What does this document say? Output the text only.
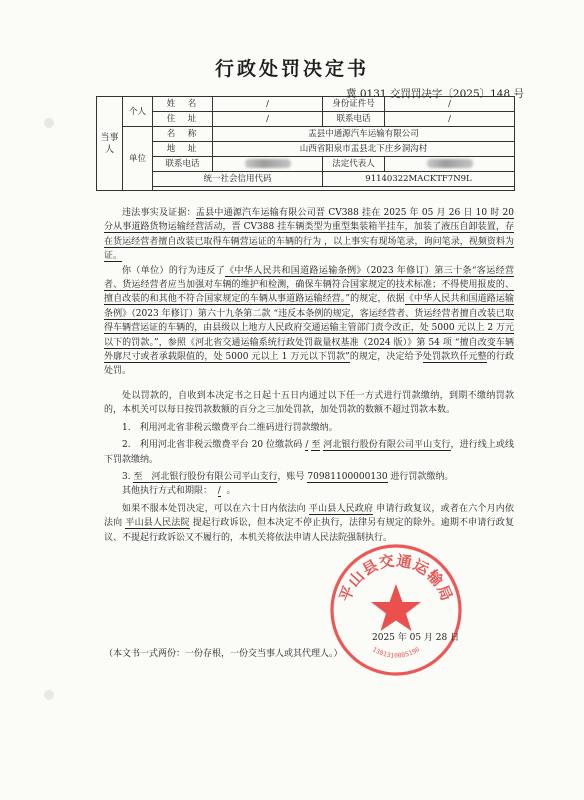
行政处罚决定书
冀 0131 交罚罚决字〔2025〕148 号
当事人	个人	姓　名	/	身份证件号	/
		住　址	/	联系电话	/
	单位	名　称	盂县中通源汽车运输有限公司		
		地　址	山西省阳泉市盂县北下庄乡洞沟村		
		联系电话		法定代表人	
		统一社会信用代码		91140322MACKTF7N9L	

违法事实及证据：盂县中通源汽车运输有限公司晋 CV388 挂在 2025 年 05 月 26 日 10 时 20 分从事道路货物运输经营活动，晋 CV388 挂车辆类型为重型集装箱半挂车，加装了液压自卸装置，存在货运经营者擅自改装已取得车辆营运证的车辆的行为 ，以上事实有现场笔录，询问笔录，视频资料为证。

你（单位）的行为违反了《中华人民共和国道路运输条例》（2023 年修订）第三十条“客运经营者、货运经营者应当加强对车辆的维护和检测，确保车辆符合国家规定的技术标准；不得使用报废的、擅自改装的和其他不符合国家规定的车辆从事道路运输经营。”的规定，依据《中华人民共和国道路运输条例》（2023 年修订）第六十九条第二款 “违反本条例的规定，客运经营者、货运经营者擅自改装已取得车辆营运证的车辆的，由县级以上地方人民政府交通运输主管部门责令改正，处 5000 元以上 2 万元以下的罚款。”，参照《河北省交通运输系统行政处罚裁量权基准（2024 版）》第 54 项 “擅自改变车辆外廓尺寸或者承载限值的，处 5000 元以上 1 万元以下罚款”的规定，决定给予处罚款玖仟元整的行政处罚。

处以罚款的，自收到本决定书之日起十五日内通过以下任一方式进行罚款缴纳，到期不缴纳罚款的，本机关可以每日按罚款数额的百分之三加处罚款，加处罚款的数额不超过罚款本数。

1.　利用河北省非税云缴费平台二维码进行罚款缴纳。

2.　利用河北省非税云缴费平台 20 位缴款码 / 至 河北银行股份有限公司平山支行，进行线上或线下罚款缴纳。

3. 至　河北银行股份有限公司平山支行，账号 70981100000130 进行罚款缴纳。

其他执行方式和期限： / 。

如果不服本处罚决定，可以在六十日内依法向 平山县人民政府 申请行政复议，或者在六个月内依法向 平山县人民法院 提起行政诉讼，但本决定不停止执行，法律另有规定的除外。逾期不申请行政复议、不提起行政诉讼又不履行的，本机关将依法申请人民法院强制执行。

平山县交通运输局
1301310005196
2025 年 05 月 28 日
（本文书一式两份：一份存根，一份交当事人或其代理人。）
